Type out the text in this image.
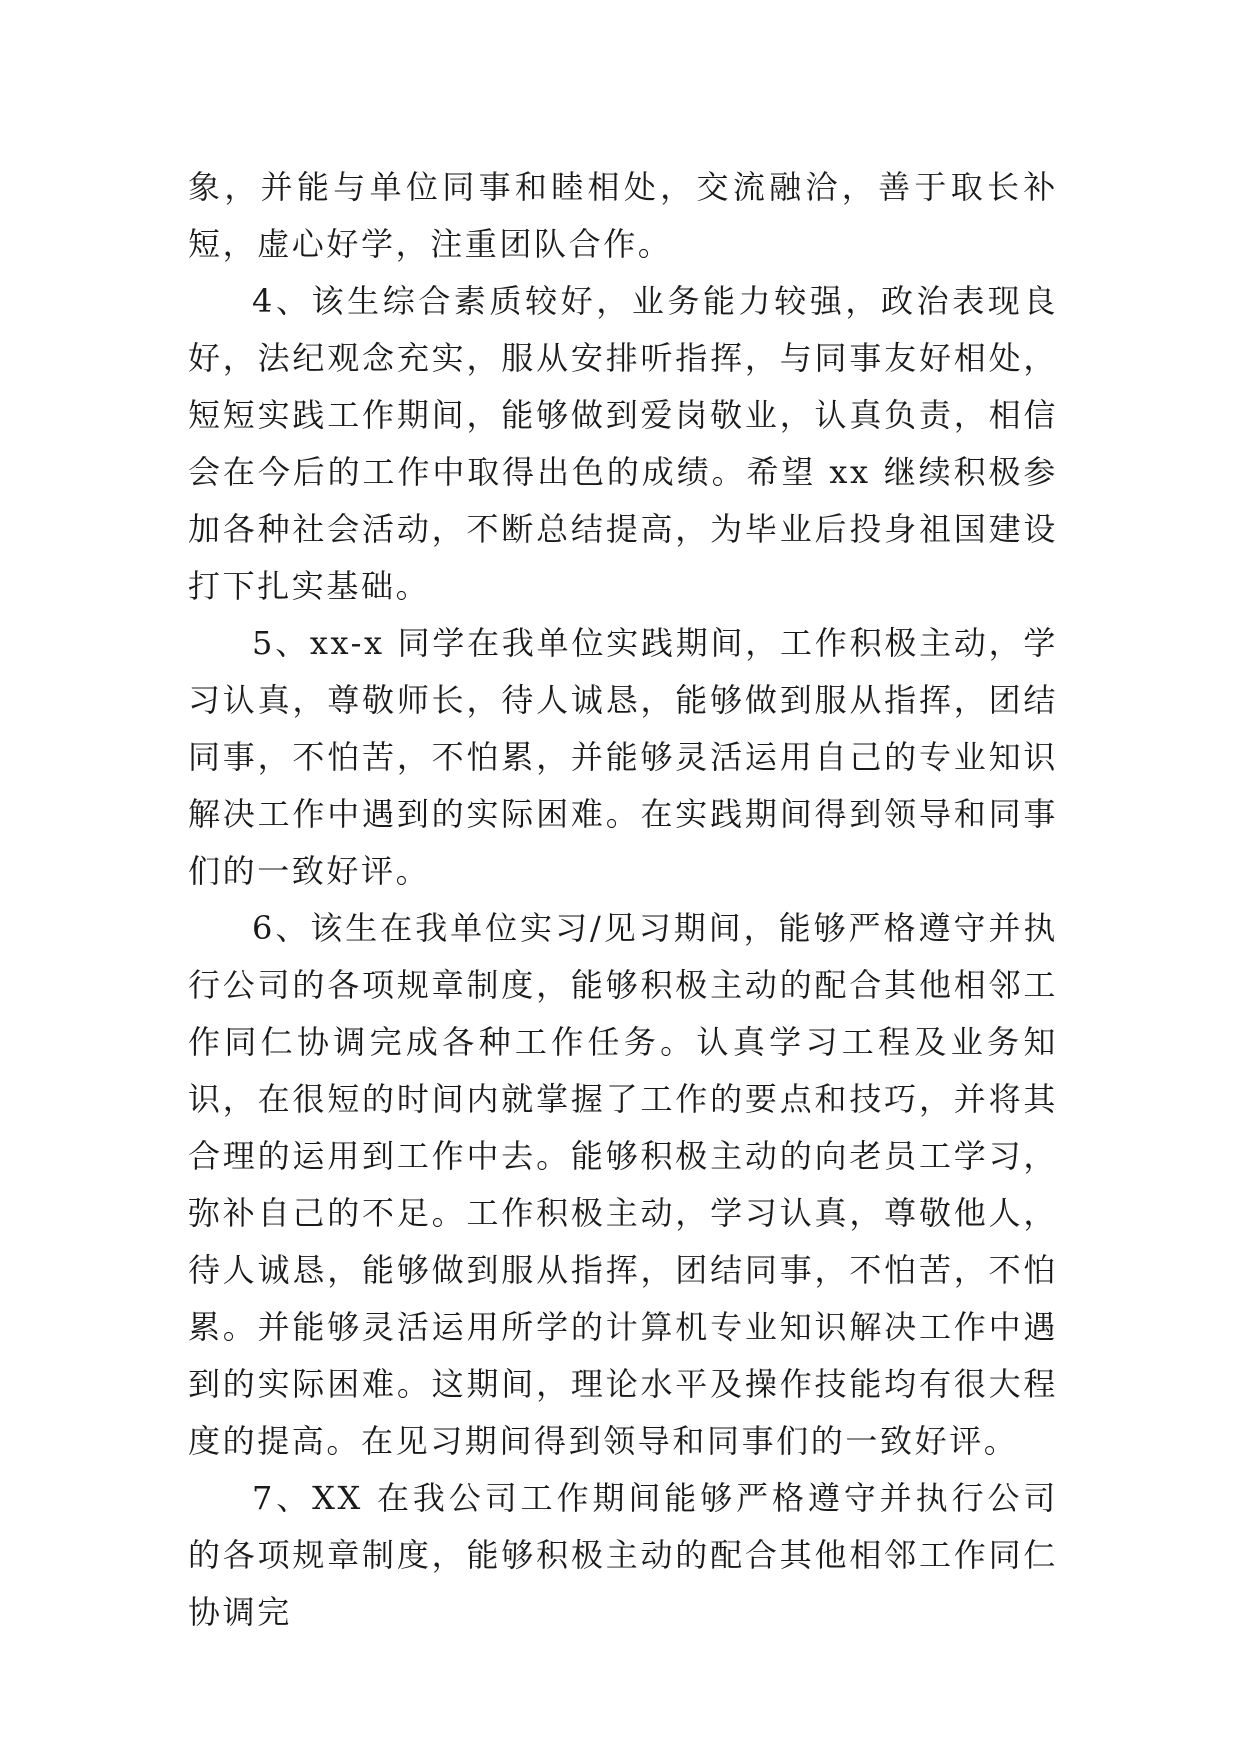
象，并能与单位同事和睦相处，交流融洽，善于取长补短，虚心好学，注重团队合作。

4、该生综合素质较好，业务能力较强，政治表现良好，法纪观念充实，服从安排听指挥，与同事友好相处，短短实践工作期间，能够做到爱岗敬业，认真负责，相信会在今后的工作中取得出色的成绩。希望 xx 继续积极参加各种社会活动，不断总结提高，为毕业后投身祖国建设打下扎实基础。

5、xx-x 同学在我单位实践期间，工作积极主动，学习认真，尊敬师长，待人诚恳，能够做到服从指挥，团结同事，不怕苦，不怕累，并能够灵活运用自己的专业知识解决工作中遇到的实际困难。在实践期间得到领导和同事们的一致好评。

6、该生在我单位实习/见习期间，能够严格遵守并执行公司的各项规章制度，能够积极主动的配合其他相邻工作同仁协调完成各种工作任务。认真学习工程及业务知识，在很短的时间内就掌握了工作的要点和技巧，并将其合理的运用到工作中去。能够积极主动的向老员工学习，弥补自己的不足。工作积极主动，学习认真，尊敬他人，待人诚恳，能够做到服从指挥，团结同事，不怕苦，不怕累。并能够灵活运用所学的计算机专业知识解决工作中遇到的实际困难。这期间，理论水平及操作技能均有很大程度的提高。在见习期间得到领导和同事们的一致好评。

7、XX 在我公司工作期间能够严格遵守并执行公司的各项规章制度，能够积极主动的配合其他相邻工作同仁协调完
